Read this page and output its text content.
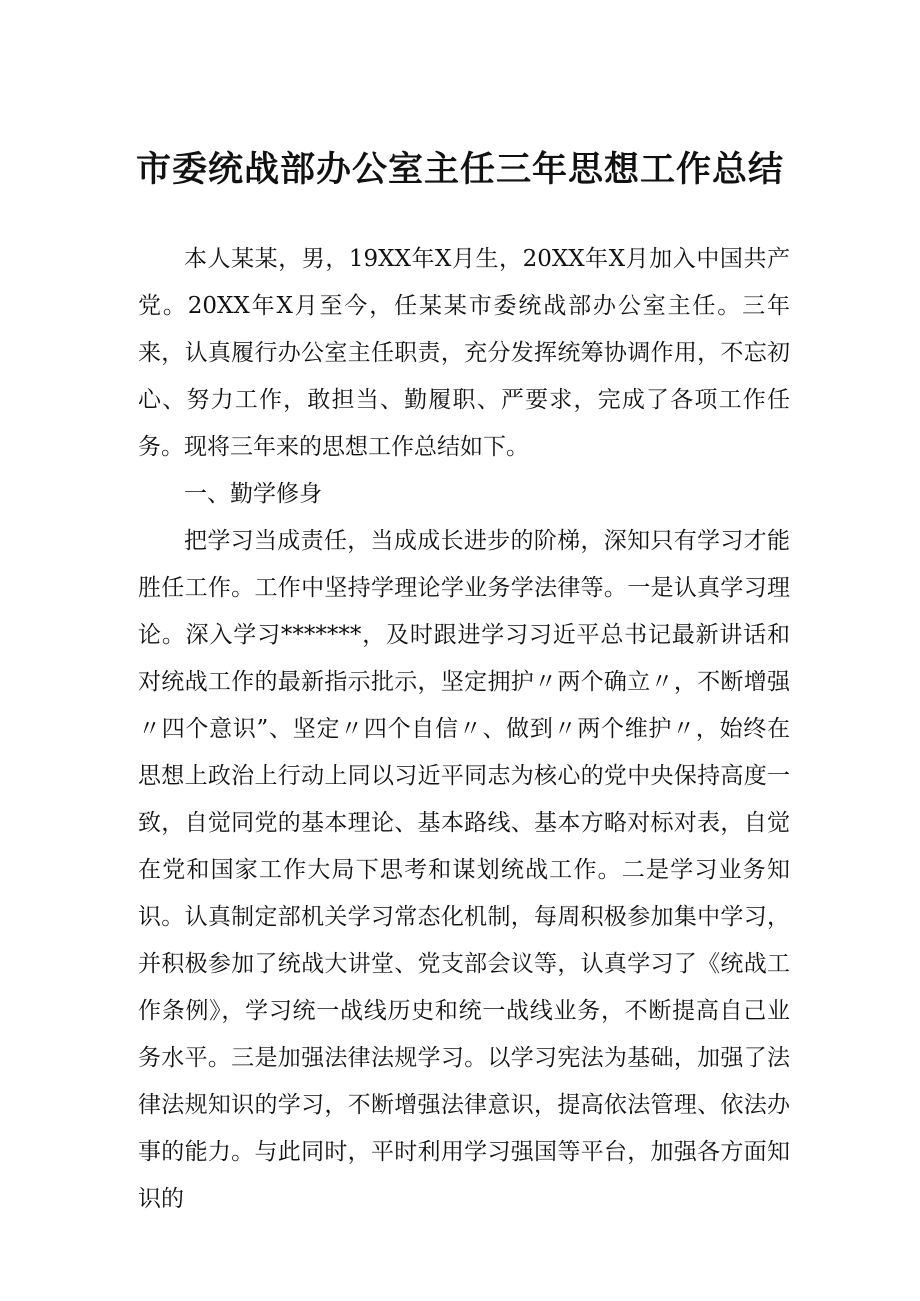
市委统战部办公室主任三年思想工作总结

本人某某，男，19XX年X月生，20XX年X月加入中国共产党。20XX年X月至今，任某某市委统战部办公室主任。三年来，认真履行办公室主任职责，充分发挥统筹协调作用，不忘初心、努力工作，敢担当、勤履职、严要求，完成了各项工作任务。现将三年来的思想工作总结如下。

一、勤学修身

把学习当成责任，当成成长进步的阶梯，深知只有学习才能胜任工作。工作中坚持学理论学业务学法律等。一是认真学习理论。深入学习*******，及时跟进学习习近平总书记最新讲话和对统战工作的最新指示批示，坚定拥护〃两个确立〃，不断增强〃四个意识”、坚定〃四个自信〃、做到〃两个维护〃，始终在思想上政治上行动上同以习近平同志为核心的党中央保持高度一致，自觉同党的基本理论、基本路线、基本方略对标对表，自觉在党和国家工作大局下思考和谋划统战工作。二是学习业务知识。认真制定部机关学习常态化机制，每周积极参加集中学习，并积极参加了统战大讲堂、党支部会议等，认真学习了《统战工作条例》，学习统一战线历史和统一战线业务，不断提高自己业务水平。三是加强法律法规学习。以学习宪法为基础，加强了法律法规知识的学习，不断增强法律意识，提高依法管理、依法办事的能力。与此同时，平时利用学习强国等平台，加强各方面知识的
